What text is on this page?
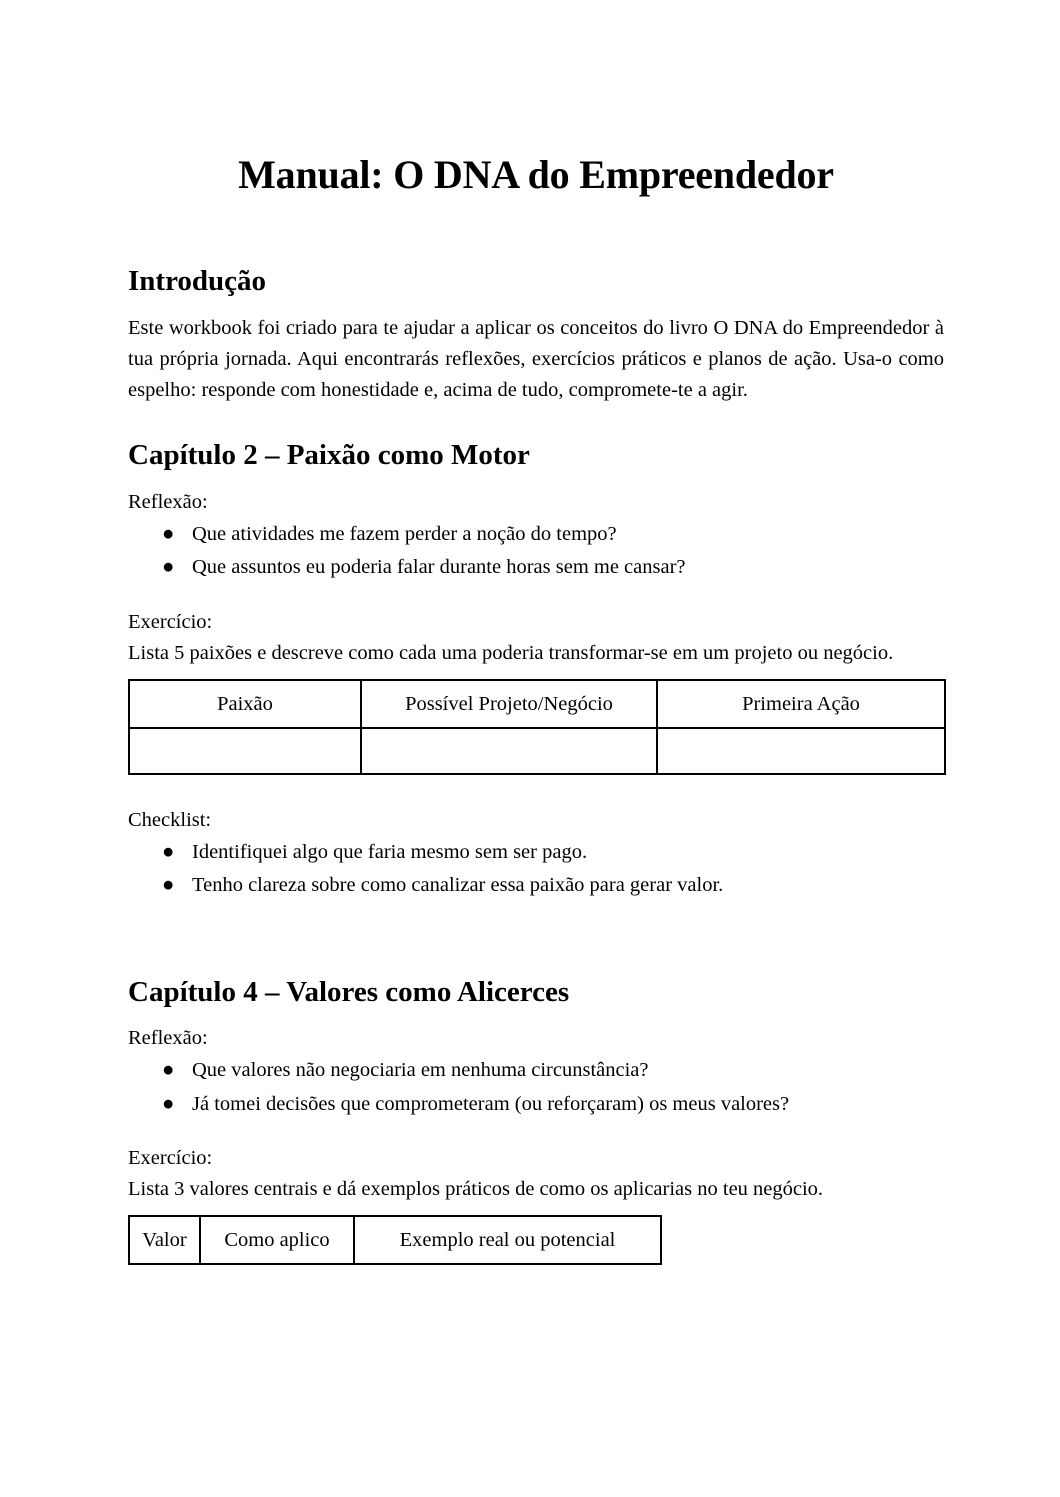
Manual: O DNA do Empreendedor
Introdução

Este workbook foi criado para te ajudar a aplicar os conceitos do livro O DNA do Empreendedor à tua própria jornada. Aqui encontrarás reflexões, exercícios práticos e planos de ação. Usa-o como espelho: responde com honestidade e, acima de tudo, compromete-te a agir.

Capítulo 2 – Paixão como Motor

Reflexão:

● Que atividades me fazem perder a noção do tempo?
● Que assuntos eu poderia falar durante horas sem me cansar?

Exercício:

Lista 5 paixões e descreve como cada uma poderia transformar-se em um projeto ou negócio.

Paixão	Possível Projeto/Negócio	Primeira Ação

Checklist:

● Identifiquei algo que faria mesmo sem ser pago.
● Tenho clareza sobre como canalizar essa paixão para gerar valor.
Capítulo 4 – Valores como Alicerces

Reflexão:

● Que valores não negociaria em nenhuma circunstância?
● Já tomei decisões que comprometeram (ou reforçaram) os meus valores?

Exercício:

Lista 3 valores centrais e dá exemplos práticos de como os aplicarias no teu negócio.

Valor	Como aplico	Exemplo real ou potencial
